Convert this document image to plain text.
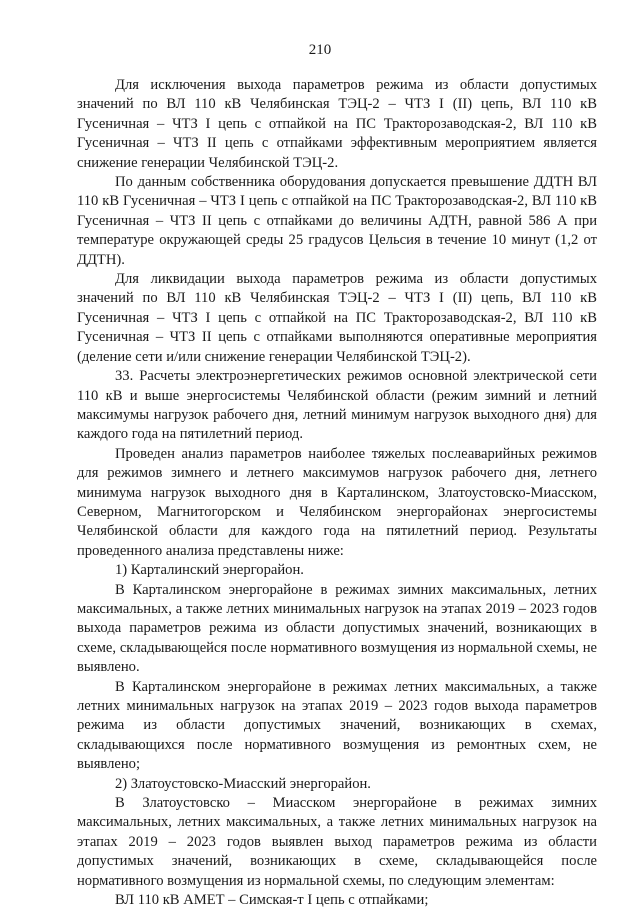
210

Для исключения выхода параметров режима из области допустимых значений по ВЛ 110 кВ Челябинская ТЭЦ-2 – ЧТЗ I (II) цепь, ВЛ 110 кВ Гусеничная – ЧТЗ I цепь с отпайкой на ПС Тракторозаводская-2, ВЛ 110 кВ Гусеничная – ЧТЗ II цепь с отпайками эффективным мероприятием является снижение генерации Челябинской ТЭЦ-2.

По данным собственника оборудования допускается превышение ДДТН ВЛ 110 кВ Гусеничная – ЧТЗ I цепь с отпайкой на ПС Тракторозаводская-2, ВЛ 110 кВ Гусеничная – ЧТЗ II цепь с отпайками до величины АДТН, равной 586 А при температуре окружающей среды 25 градусов Цельсия в течение 10 минут (1,2 от ДДТН).

Для ликвидации выхода параметров режима из области допустимых значений по ВЛ 110 кВ Челябинская ТЭЦ-2 – ЧТЗ I (II) цепь, ВЛ 110 кВ Гусеничная – ЧТЗ I цепь с отпайкой на ПС Тракторозаводская-2, ВЛ 110 кВ Гусеничная – ЧТЗ II цепь с отпайками выполняются оперативные мероприятия (деление сети и/или снижение генерации Челябинской ТЭЦ-2).

33. Расчеты электроэнергетических режимов основной электрической сети 110 кВ и выше энергосистемы Челябинской области (режим зимний и летний максимумы нагрузок рабочего дня, летний минимум нагрузок выходного дня) для каждого года на пятилетний период.

Проведен анализ параметров наиболее тяжелых послеаварийных режимов для режимов зимнего и летнего максимумов нагрузок рабочего дня, летнего минимума нагрузок выходного дня в Карталинском, Златоустовско-Миасском, Северном, Магнитогорском и Челябинском энергорайонах энергосистемы Челябинской области для каждого года на пятилетний период. Результаты проведенного анализа представлены ниже:

1) Карталинский энергорайон.

В Карталинском энергорайоне в режимах зимних максимальных, летних максимальных, а также летних минимальных нагрузок на этапах 2019 – 2023 годов выхода параметров режима из области допустимых значений, возникающих в схеме, складывающейся после нормативного возмущения из нормальной схемы, не выявлено.

В Карталинском энергорайоне в режимах летних максимальных, а также летних минимальных нагрузок на этапах 2019 – 2023 годов выхода параметров режима из области допустимых значений, возникающих в схемах, складывающихся после нормативного возмущения из ремонтных схем, не выявлено;

2) Златоустовско-Миасский энергорайон.

В Златоустовско – Миасском энергорайоне в режимах зимних максимальных, летних максимальных, а также летних минимальных нагрузок на этапах 2019 – 2023 годов выявлен выход параметров режима из области допустимых значений, возникающих в схеме, складывающейся после нормативного возмущения из нормальной схемы, по следующим элементам:

ВЛ 110 кВ АМЕТ – Симская-т I цепь с отпайками;
